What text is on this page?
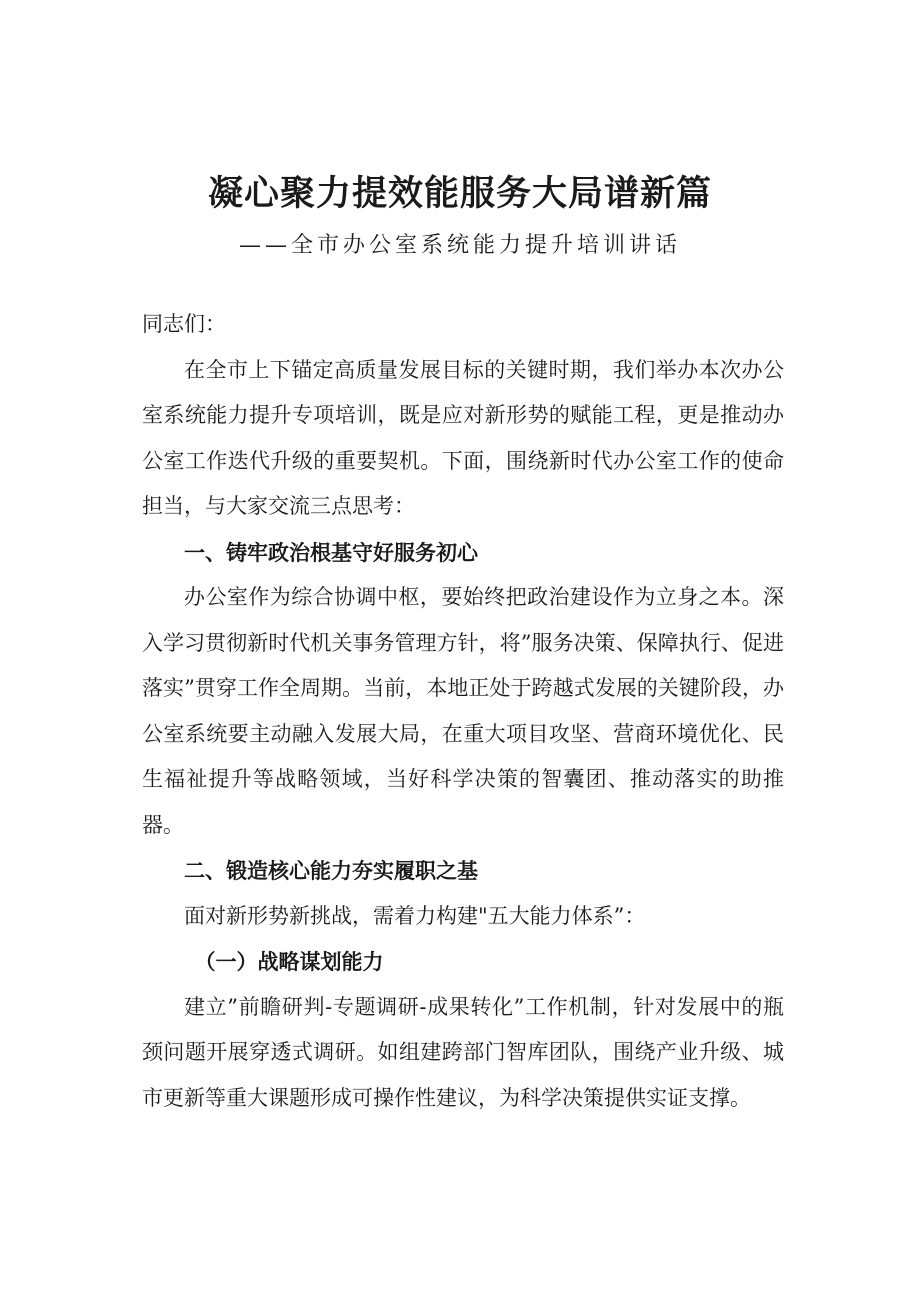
凝心聚力提效能服务大局谱新篇

——全市办公室系统能力提升培训讲话

同志们：

在全市上下锚定高质量发展目标的关键时期，我们举办本次办公室系统能力提升专项培训，既是应对新形势的赋能工程，更是推动办公室工作迭代升级的重要契机。下面，围绕新时代办公室工作的使命担当，与大家交流三点思考：

一、铸牢政治根基守好服务初心

办公室作为综合协调中枢，要始终把政治建设作为立身之本。深入学习贯彻新时代机关事务管理方针，将”服务决策、保障执行、促进落实”贯穿工作全周期。当前，本地正处于跨越式发展的关键阶段，办公室系统要主动融入发展大局，在重大项目攻坚、营商环境优化、民生福祉提升等战略领域，当好科学决策的智囊团、推动落实的助推器。

二、锻造核心能力夯实履职之基

面对新形势新挑战，需着力构建"五大能力体系”：

（一）战略谋划能力

建立”前瞻研判-专题调研-成果转化”工作机制，针对发展中的瓶颈问题开展穿透式调研。如组建跨部门智库团队，围绕产业升级、城市更新等重大课题形成可操作性建议，为科学决策提供实证支撑。
